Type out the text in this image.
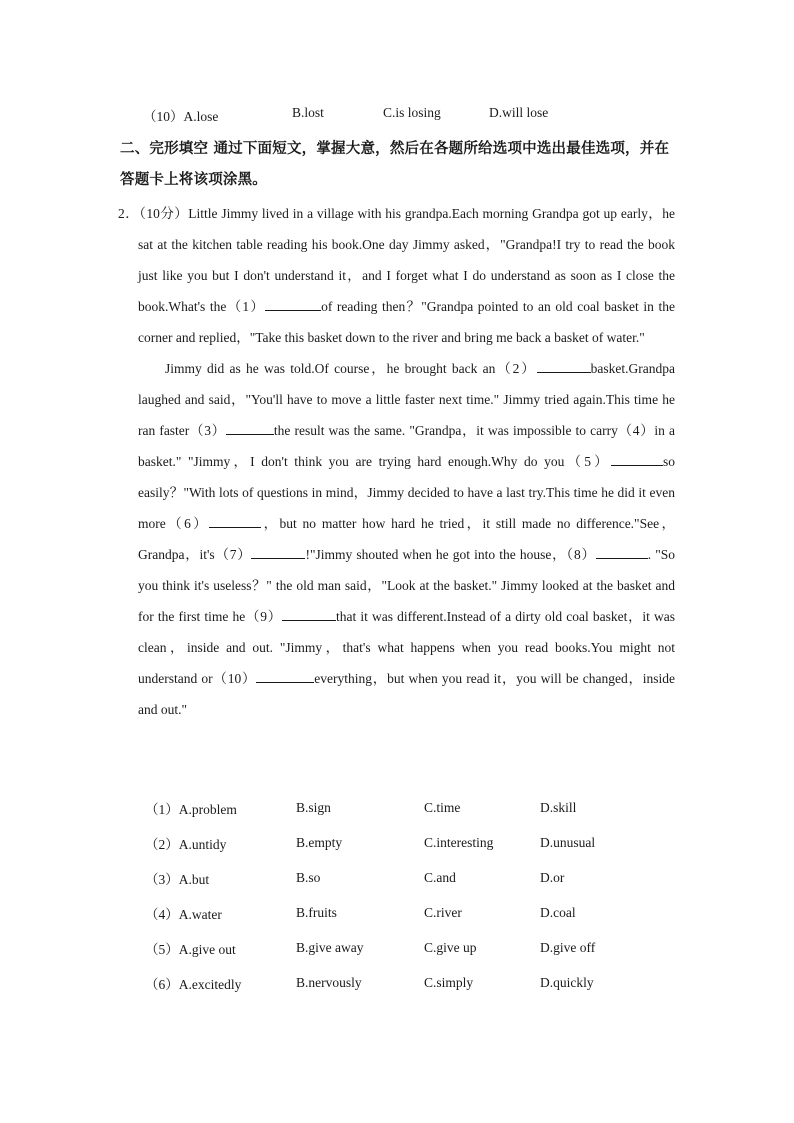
（10）A.lose	B.lost	C.is losing	D.will lose
二、完形填空 通过下面短文，掌握大意，然后在各题所给选项中选出最佳选项，并在答题卡上将该项涂黑。

2．（10分）Little Jimmy lived in a village with his grandpa.Each morning Grandpa got up early，he sat at the kitchen table reading his book.One day Jimmy asked，"Grandpa!I try to read the book just like you but I don't understand it，and I forget what I do understand as soon as I close the book.What's the（1）	of reading then？"Grandpa pointed to an old coal basket in the corner and replied，"Take this basket down to the river and bring me back a basket of water."

Jimmy did as he was told.Of course，he brought back an（2）	basket.Grandpa laughed and said，"You'll have to move a little faster next time." Jimmy tried again.This time he ran faster（3）	the result was the same. "Grandpa，it was impossible to carry（4）in a basket." "Jimmy，I don't think you are trying hard enough.Why do you（5）	so easily？"With lots of questions in mind，Jimmy decided to have a last try.This time he did it even more（6）	，but no matter how hard he tried，it still made no difference."See，Grandpa，it's（7）	!"Jimmy shouted when he got into the house，（8）	. "So you think it's useless？" the old man said，"Look at the basket." Jimmy looked at the basket and for the first time he（9）	that it was different.Instead of a dirty old coal basket，it was clean，inside and out. "Jimmy，that's what happens when you read books.You might not understand or（10）	everything，but when you read it，you will be changed，inside and out."

（1）A.problem	B.sign	C.time	D.skill
（2）A.untidy	B.empty	C.interesting	D.unusual
（3）A.but	B.so	C.and	D.or
（4）A.water	B.fruits	C.river	D.coal
（5）A.give out	B.give away	C.give up	D.give off
（6）A.excitedly	B.nervously	C.simply	D.quickly
